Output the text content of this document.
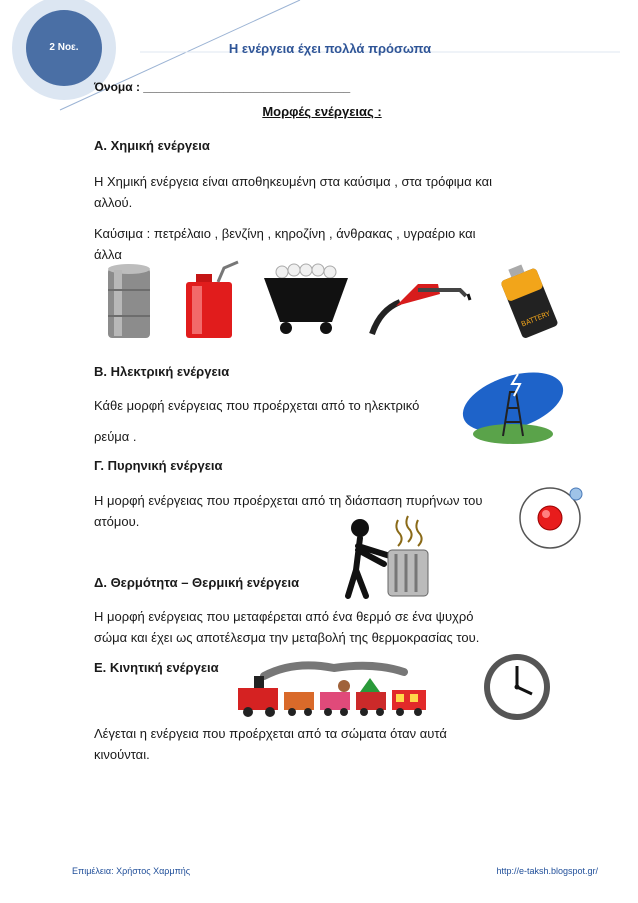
2 Νοε.	Η ενέργεια έχει πολλά πρόσωπα
Όνομα : _______________________________
Μορφές ενέργειας :
Α. Χημική ενέργεια
Η Χημική ενέργεια είναι αποθηκευμένη στα καύσιμα , στα τρόφιμα και
αλλού.
Καύσιμα : πετρέλαιο , βενζίνη , κηροζίνη , άνθρακας , υγραέριο και
άλλα
BATTERY
Β. Ηλεκτρική ενέργεια
Κάθε μορφή ενέργειας που προέρχεται από το ηλεκτρικό
ρεύμα .
Γ. Πυρηνική ενέργεια
Η μορφή ενέργειας που προέρχεται από τη διάσπαση πυρήνων του
ατόμου.
Δ. Θερμότητα – Θερμική ενέργεια
Η μορφή ενέργειας που μεταφέρεται από ένα θερμό σε ένα ψυχρό
σώμα και έχει ως αποτέλεσμα την μεταβολή της θερμοκρασίας του.
Ε. Κινητική ενέργεια
Λέγεται η ενέργεια που προέρχεται από τα σώματα όταν αυτά
κινούνται.
Επιμέλεια: Χρήστος Χαρμπής	http://e-taksh.blogspot.gr/
